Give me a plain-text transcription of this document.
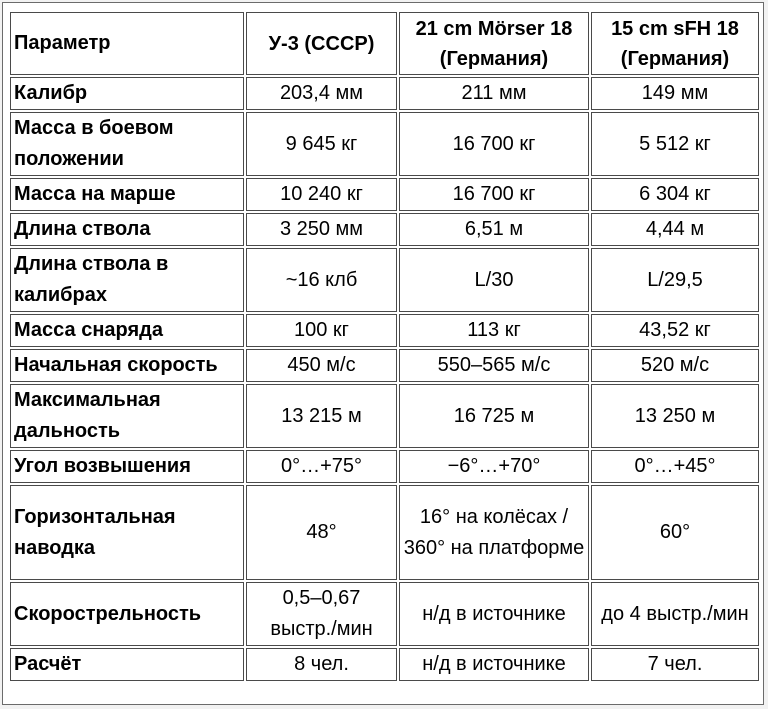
Параметр	У-3 (СССР)	21 cm Mörser 18 (Германия)	15 cm sFH 18 (Германия)
Калибр	203,4 мм	211 мм	149 мм
Масса в боевом положении	9 645 кг	16 700 кг	5 512 кг
Масса на марше	10 240 кг	16 700 кг	6 304 кг
Длина ствола	3 250 мм	6,51 м	4,44 м
Длина ствола в калибрах	~16 клб	L/30	L/29,5
Масса снаряда	100 кг	113 кг	43,52 кг
Начальная скорость	450 м/с	550–565 м/с	520 м/с
Максимальная дальность	13 215 м	16 725 м	13 250 м
Угол возвышения	0°…+75°	−6°…+70°	0°…+45°
Горизонтальная наводка	48°	16° на колёсах / 360° на платформе	60°
Скорострельность	0,5–0,67 выстр./мин	н/д в источнике	до 4 выстр./мин
Расчёт	8 чел.	н/д в источнике	7 чел.
